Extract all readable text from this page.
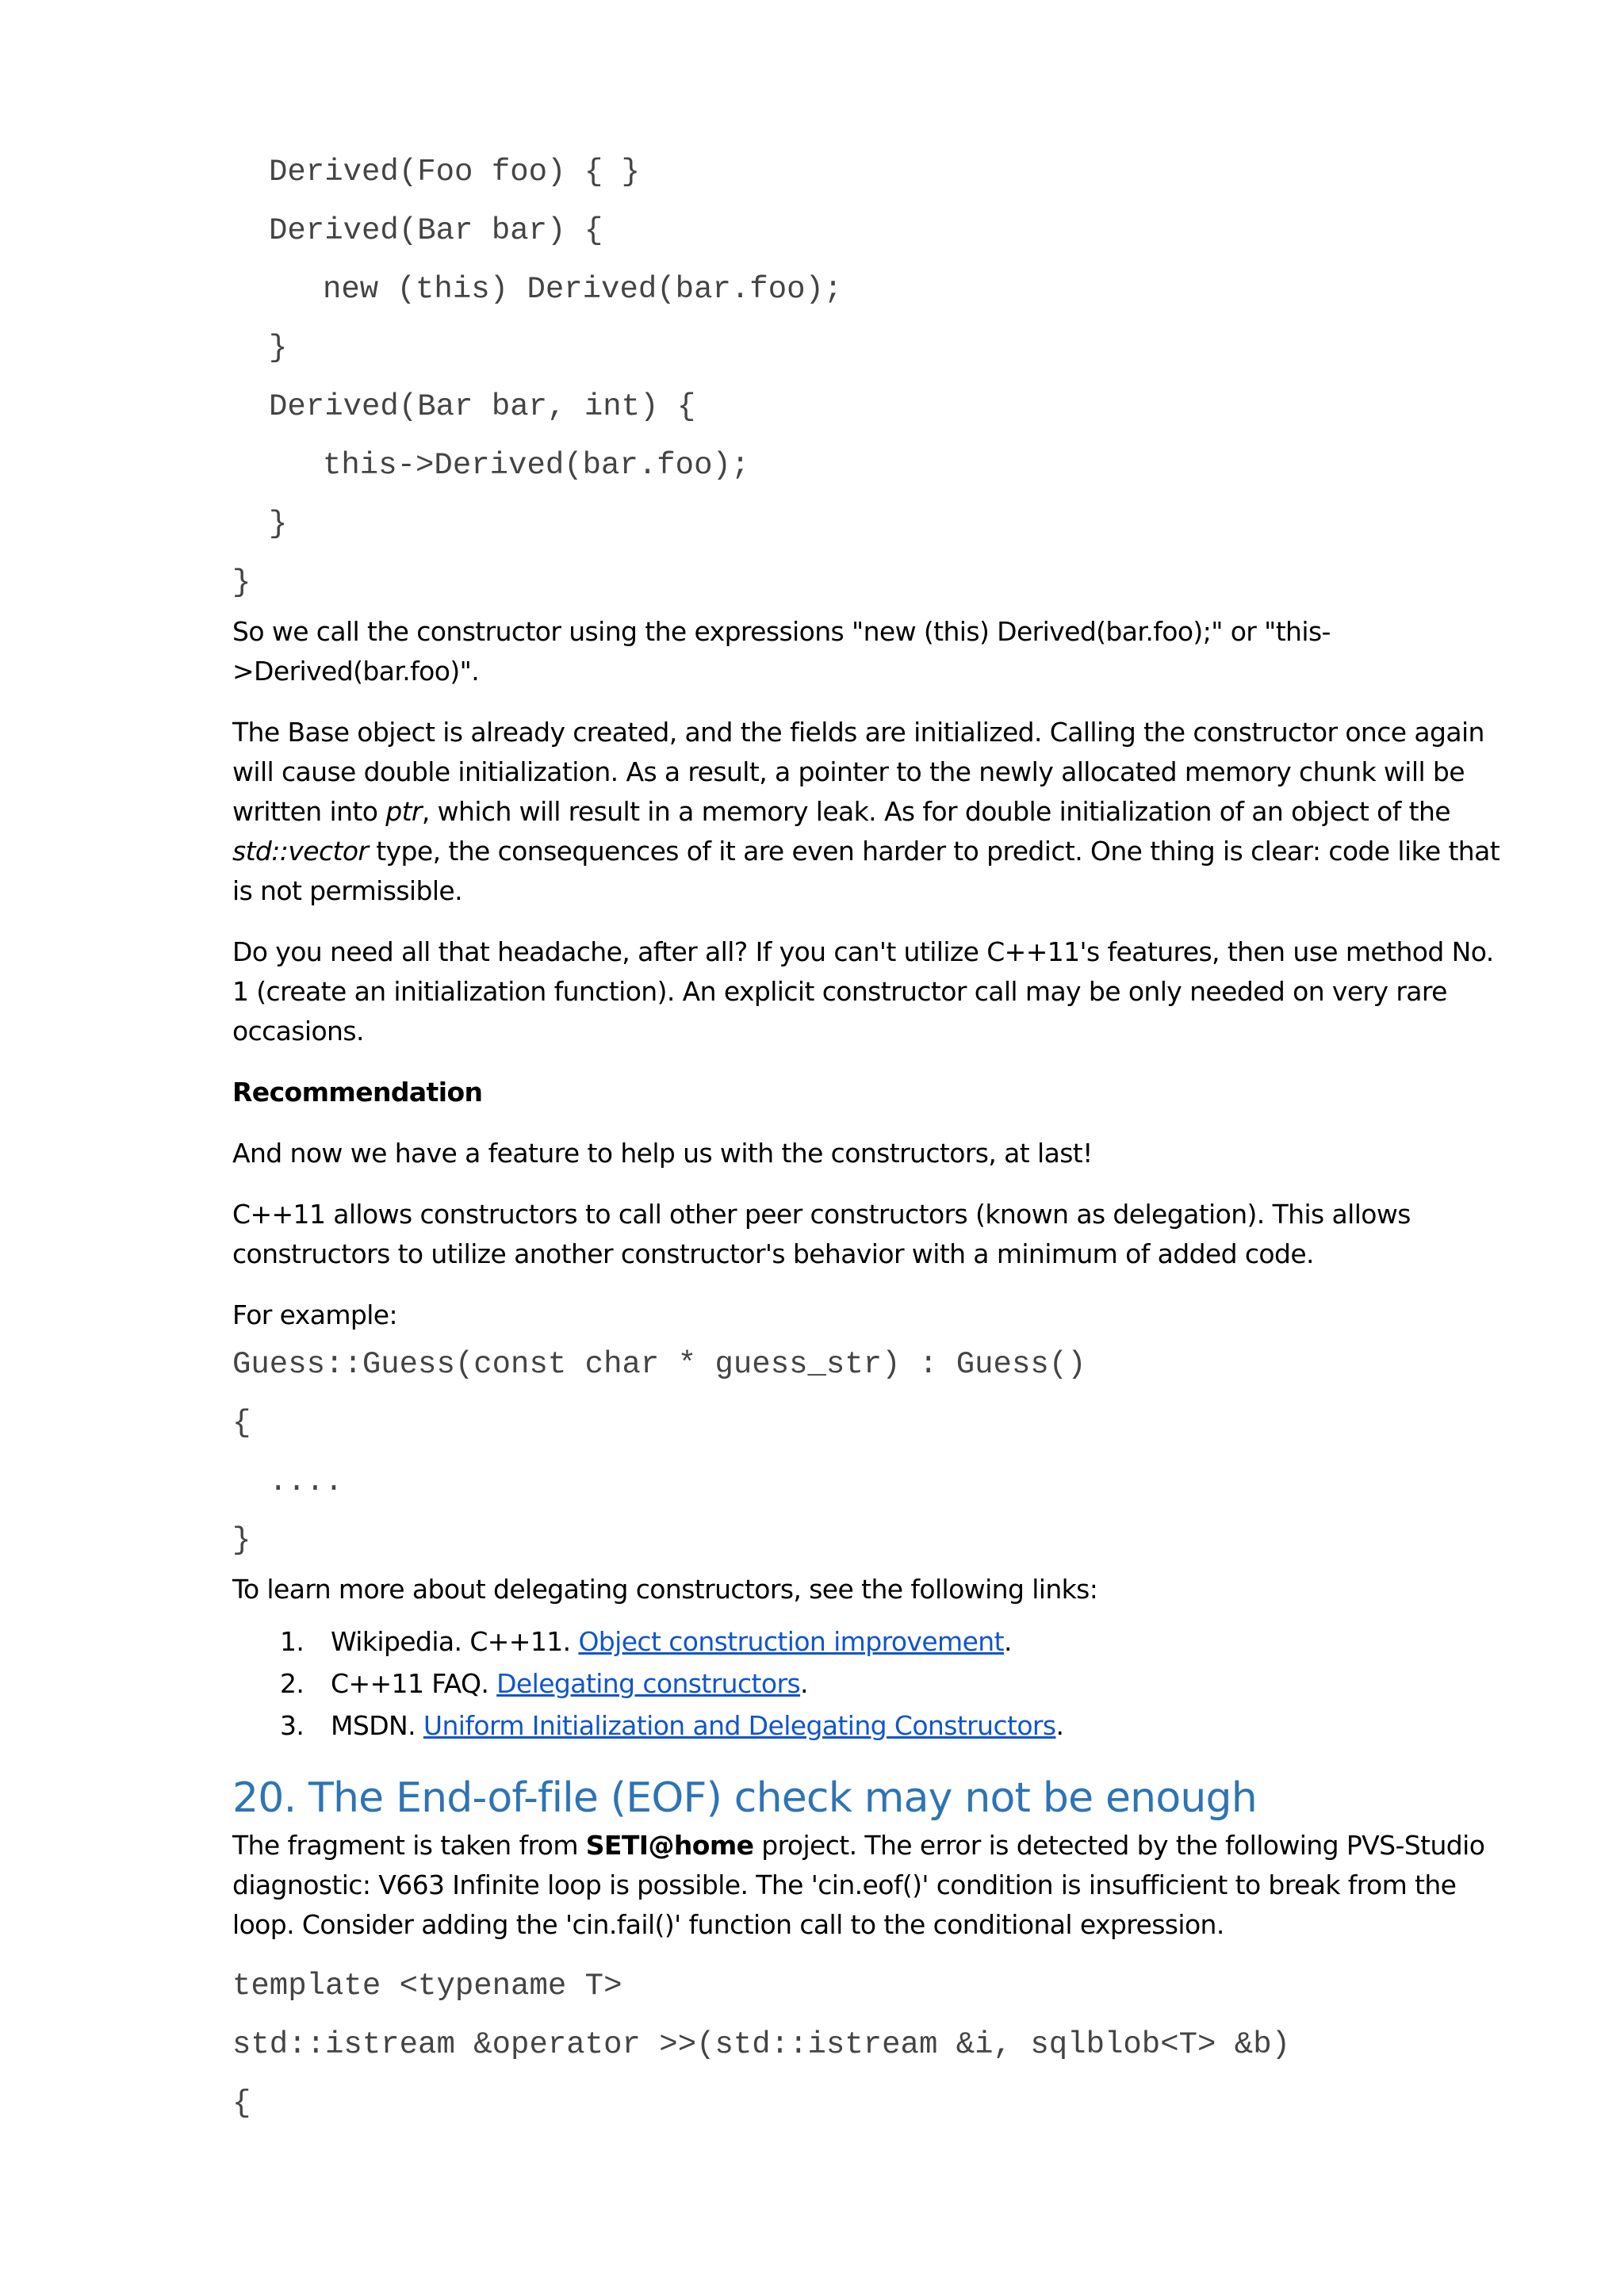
Derived(Foo foo) { }
Derived(Bar bar) {
new (this) Derived(bar.foo);
}
Derived(Bar bar, int) {
this->Derived(bar.foo);
}
}

So we call the constructor using the expressions "new (this) Derived(bar.foo);" or "this-
>Derived(bar.foo)".

The Base object is already created, and the fields are initialized. Calling the constructor once again will cause double initialization. As a result, a pointer to the newly allocated memory chunk will be written into ptr, which will result in a memory leak. As for double initialization of an object of the std::vector type, the consequences of it are even harder to predict. One thing is clear: code like that is not permissible.

Do you need all that headache, after all? If you can't utilize C++11's features, then use method No. 1 (create an initialization function). An explicit constructor call may be only needed on very rare occasions.

Recommendation

And now we have a feature to help us with the constructors, at last!

C++11 allows constructors to call other peer constructors (known as delegation). This allows constructors to utilize another constructor's behavior with a minimum of added code.

For example:

Guess::Guess(const char * guess_str) : Guess()
{
....
}

To learn more about delegating constructors, see the following links:

1.	Wikipedia. C++11. Object construction improvement.
2.	C++11 FAQ. Delegating constructors.
3.	MSDN. Uniform Initialization and Delegating Constructors.
20. The End-of-file (EOF) check may not be enough

The fragment is taken from SETI@home project. The error is detected by the following PVS-Studio diagnostic: V663 Infinite loop is possible. The 'cin.eof()' condition is insufficient to break from the loop. Consider adding the 'cin.fail()' function call to the conditional expression.

template <typename T>
std::istream &operator >>(std::istream &i, sqlblob<T> &b)
{
